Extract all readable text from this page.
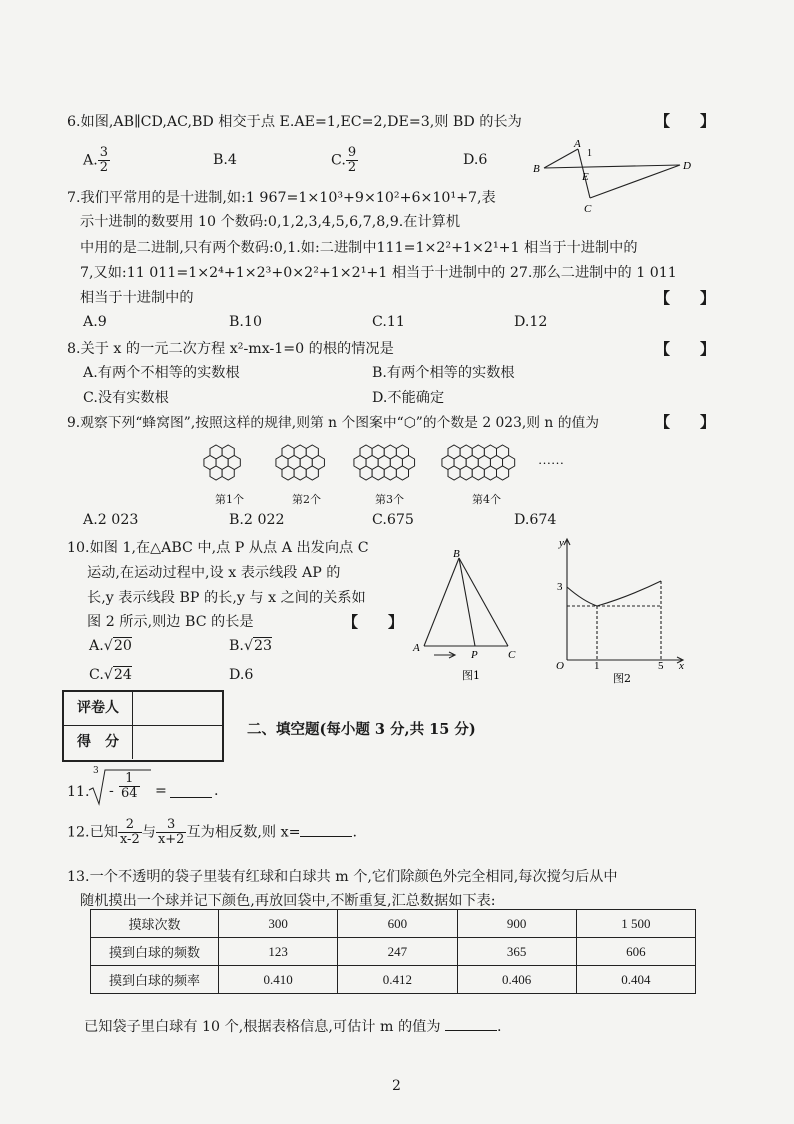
6.如图,AB∥CD,AC,BD 相交于点 E.AE=1,EC=2,DE=3,则 BD 的长为	【　　】
A. $\frac{3}{2}$	B.4	C. $\frac{9}{2}$	D.6
A
B
E
C
D
1
7.我们平常用的是十进制,如:1 967=1×10³+9×10²+6×10¹+7,表
示十进制的数要用 10 个数码:0,1,2,3,4,5,6,7,8,9.在计算机
中用的是二进制,只有两个数码:0,1.如:二进制中111=1×2²+1×2¹+1 相当于十进制中的
7,又如:11 011=1×2⁴+1×2³+0×2²+1×2¹+1 相当于十进制中的 27.那么二进制中的 1 011
相当于十进制中的	【　　】
A.9	B.10	C.11	D.12
8.关于 x 的一元二次方程 x²-mx-1=0 的根的情况是	【　　】
A.有两个不相等的实数根	B.有两个相等的实数根
C.没有实数根	D.不能确定
9.观察下列“蜂窝图”,按照这样的规律,则第 n 个图案中“⬡”的个数是 2 023,则 n 的值为	【　　】
……
第1个	第2个	第3个	第4个
A.2 023	B.2 022	C.675	D.674
10.如图 1,在△ABC 中,点 P 从点 A 出发向点 C
运动,在运动过程中,设 x 表示线段 AP 的
长,y 表示线段 BP 的长,y 与 x 之间的关系如
图 2 所示,则边 BC 的长是	【　　】
A.√20	B.√23
C.√24	D.6
B
A
P	C
图1
y
3
O	1	5 x
图2
评卷人
得　分
二、填空题(每小题 3 分,共 15 分)
11.
3
- $\frac{1}{64}$ =	.
12.已知 $\frac{2}{x-2}$ 与 $\frac{3}{x+2}$ 互为相反数,则 x=	.
13.一个不透明的袋子里装有红球和白球共 m 个,它们除颜色外完全相同,每次搅匀后从中
随机摸出一个球并记下颜色,再放回袋中,不断重复,汇总数据如下表:
摸球次数	300	600	900	1 500
摸到白球的频数	123	247	365	606
摸到白球的频率	0.410	0.412	0.406	0.404
已知袋子里白球有 10 个,根据表格信息,可估计 m 的值为	.
2
